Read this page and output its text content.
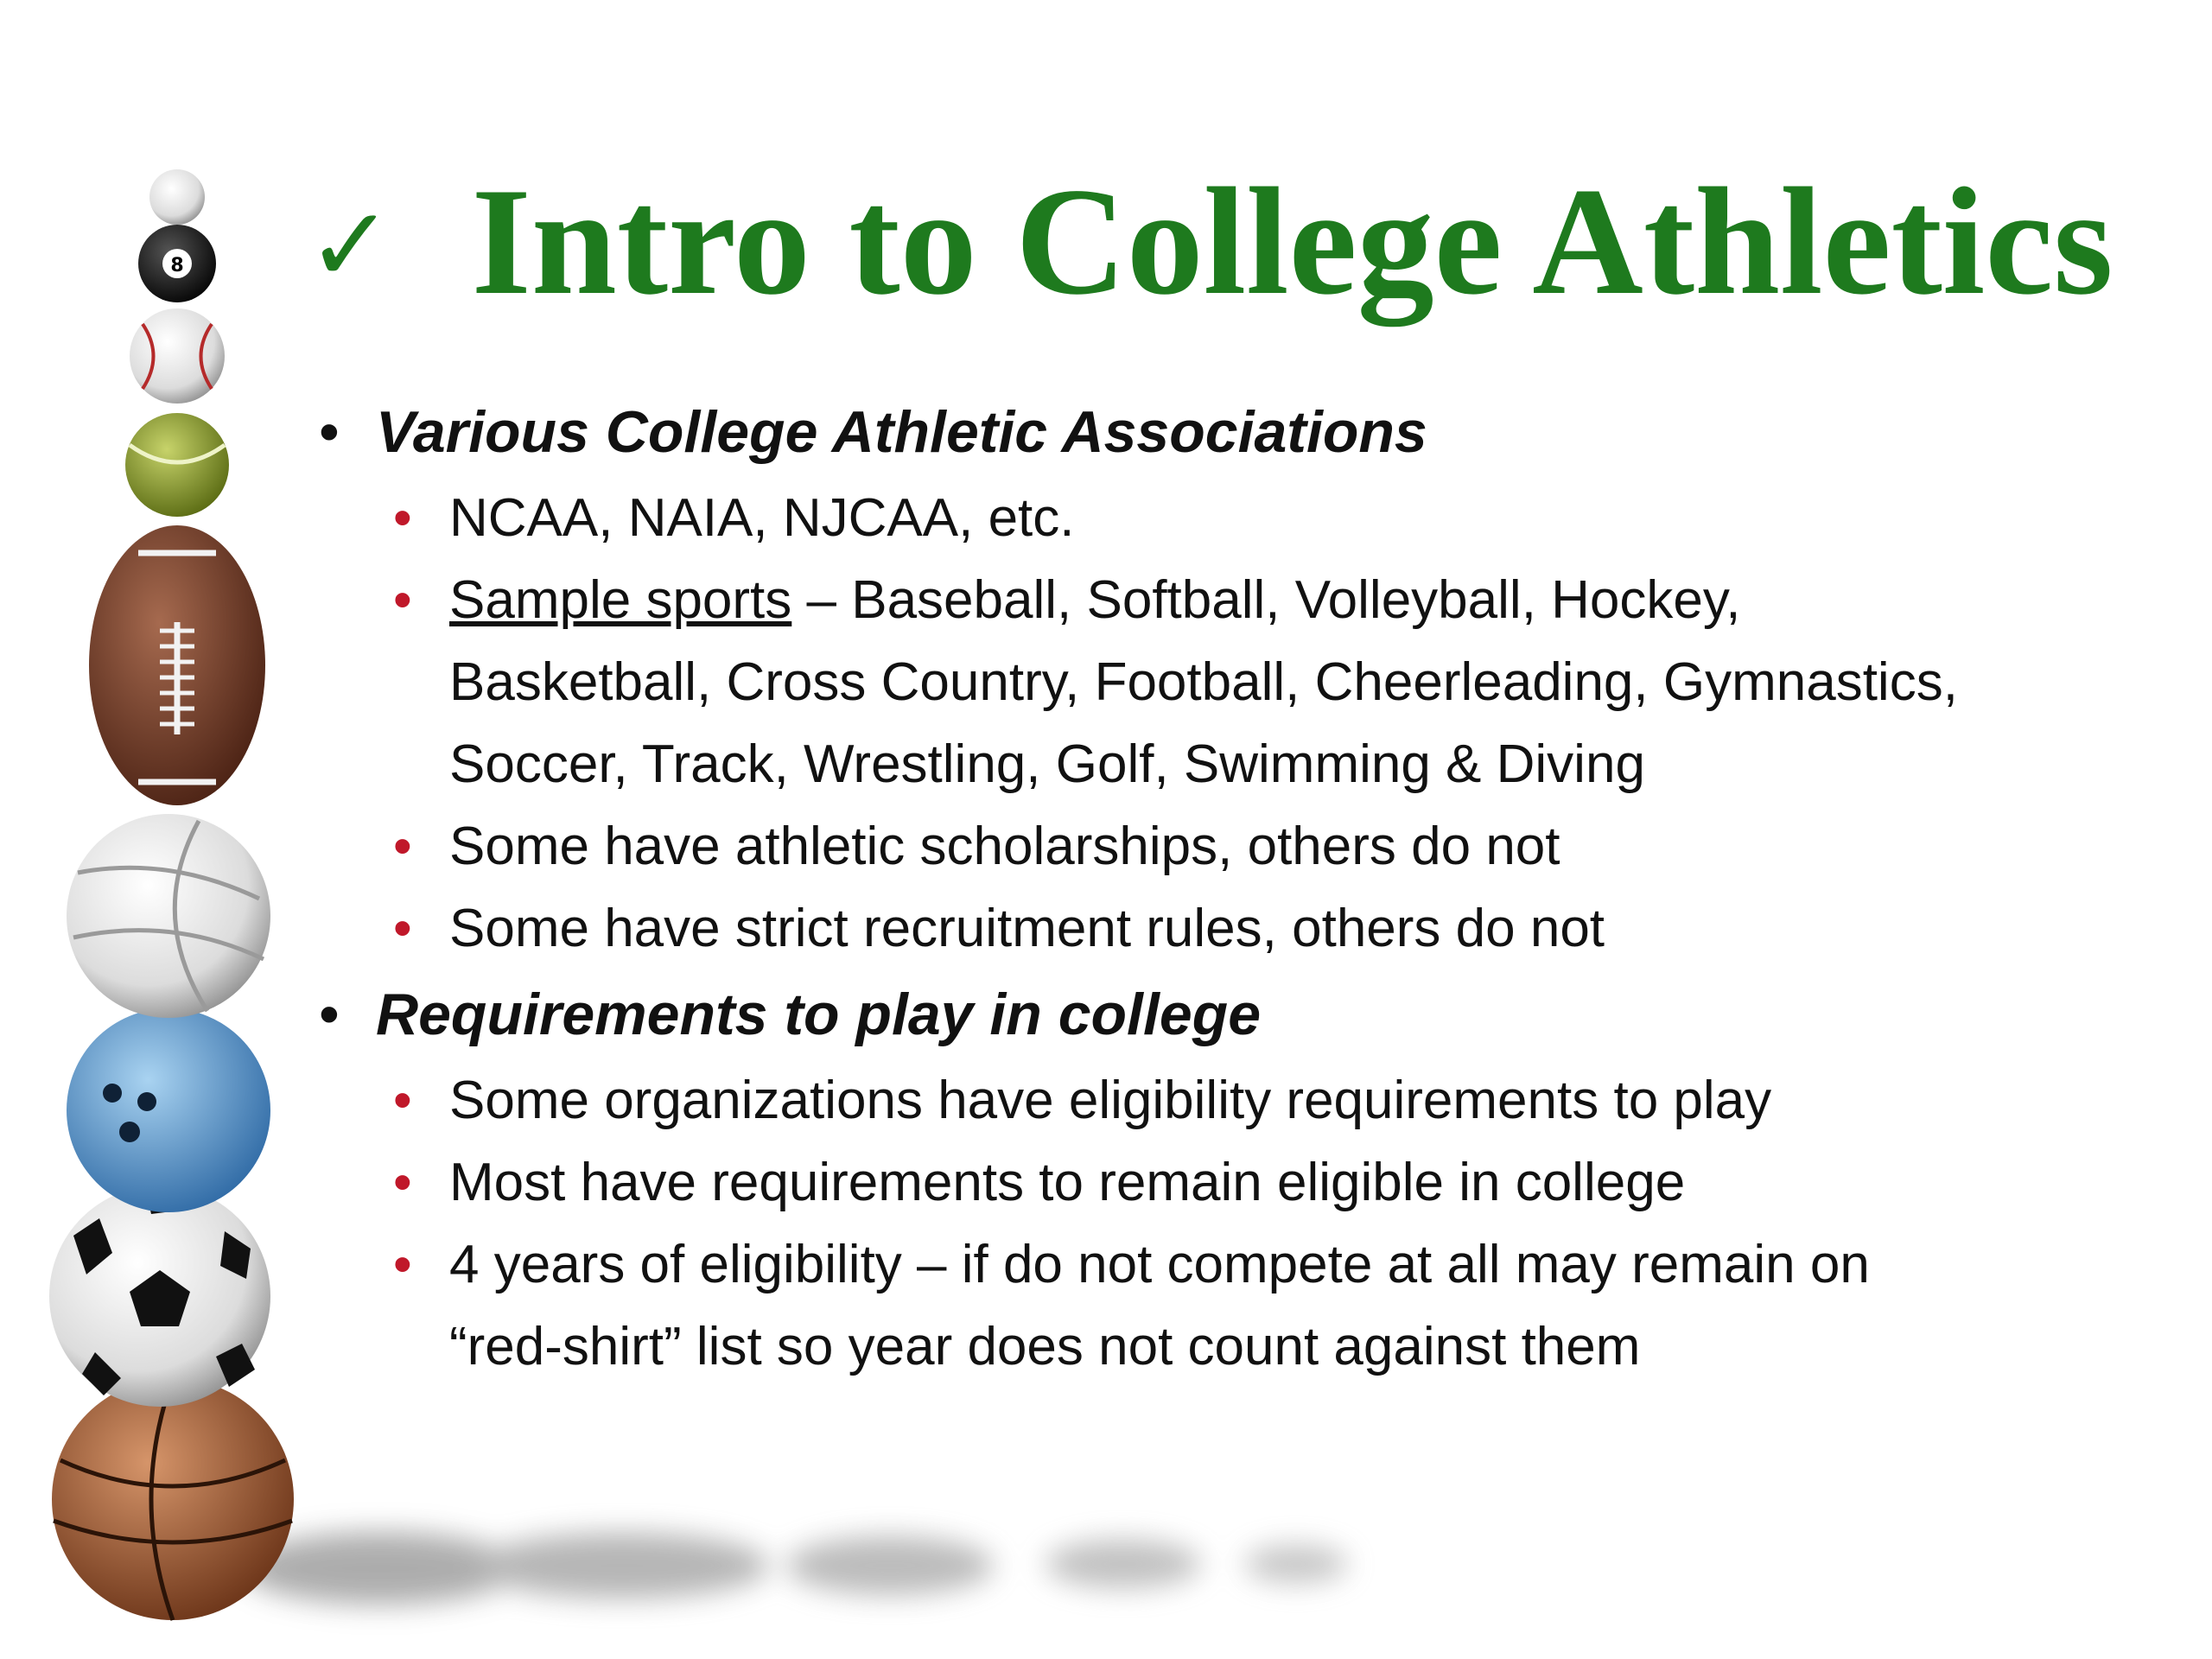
8 ✓ Intro to College Athletics
• Various College Athletic Associations
• NCAA, NAIA, NJCAA, etc.
• Sample sports – Baseball, Softball, Volleyball, Hockey,
Basketball, Cross Country, Football, Cheerleading, Gymnastics,
Soccer, Track, Wrestling, Golf, Swimming & Diving
• Some have athletic scholarships, others do not
• Some have strict recruitment rules, others do not
• Requirements to play in college
• Some organizations have eligibility requirements to play
• Most have requirements to remain eligible in college
• 4 years of eligibility – if do not compete at all may remain on
“red-shirt” list so year does not count against them
